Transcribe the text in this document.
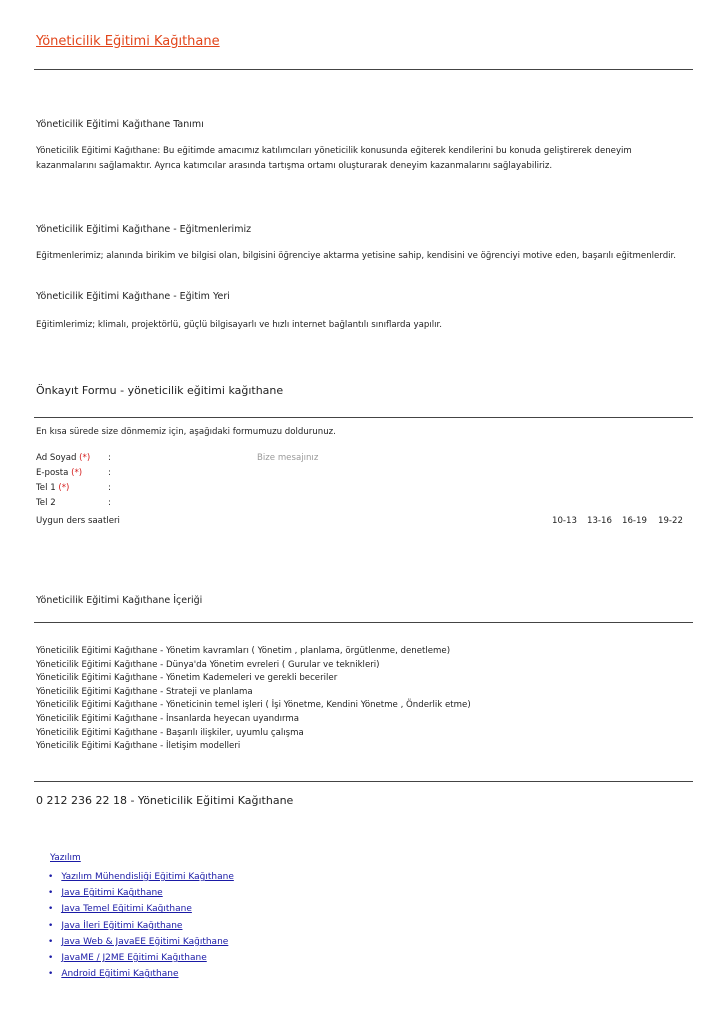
Yöneticilik Eğitimi Kağıthane
Yöneticilik Eğitimi Kağıthane Tanımı
Yöneticilik Eğitimi Kağıthane: Bu eğitimde amacımız katılımcıları yöneticilik konusunda eğiterek kendilerini bu konuda geliştirerek deneyim kazanmalarını sağlamaktır. Ayrıca katımcılar arasında tartışma ortamı oluşturarak deneyim kazanmalarını sağlayabiliriz.
Yöneticilik Eğitimi Kağıthane - Eğitmenlerimiz
Eğitmenlerimiz; alanında birikim ve bilgisi olan, bilgisini öğrenciye aktarma yetisine sahip, kendisini ve öğrenciyi motive eden, başarılı eğitmenlerdir.
Yöneticilik Eğitimi Kağıthane - Eğitim Yeri
Eğitimlerimiz; klimalı, projektörlü, güçlü bilgisayarlı ve hızlı internet bağlantılı sınıflarda yapılır.
Önkayıt Formu - yöneticilik eğitimi kağıthane
En kısa sürede size dönmemiz için, aşağıdaki formumuzu doldurunuz.
Ad Soyad (*) :
E-posta (*)	:
Tel 1 (*)	:
Tel 2	:
Bize mesajınız
Uygun ders saatleri	10-13 13-16 16-19 19-22
Yöneticilik Eğitimi Kağıthane İçeriği
Yöneticilik Eğitimi Kağıthane - Yönetim kavramları ( Yönetim , planlama, örgütlenme, denetleme)
Yöneticilik Eğitimi Kağıthane - Dünya'da Yönetim evreleri ( Gurular ve teknikleri)
Yöneticilik Eğitimi Kağıthane - Yönetim Kademeleri ve gerekli beceriler
Yöneticilik Eğitimi Kağıthane - Strateji ve planlama
Yöneticilik Eğitimi Kağıthane - Yöneticinin temel işleri ( İşi Yönetme, Kendini Yönetme , Önderlik etme)
Yöneticilik Eğitimi Kağıthane - İnsanlarda heyecan uyandırma
Yöneticilik Eğitimi Kağıthane - Başarılı ilişkiler, uyumlu çalışma
Yöneticilik Eğitimi Kağıthane - İletişim modelleri
0 212 236 22 18 - Yöneticilik Eğitimi Kağıthane
Yazılım
• Yazılım Mühendisliği Eğitimi Kağıthane
• Java Eğitimi Kağıthane
• Java Temel Eğitimi Kağıthane
• Java İleri Eğitimi Kağıthane
• Java Web & JavaEE Eğitimi Kağıthane
• JavaME / J2ME Eğitimi Kağıthane
• Android Eğitimi Kağıthane
